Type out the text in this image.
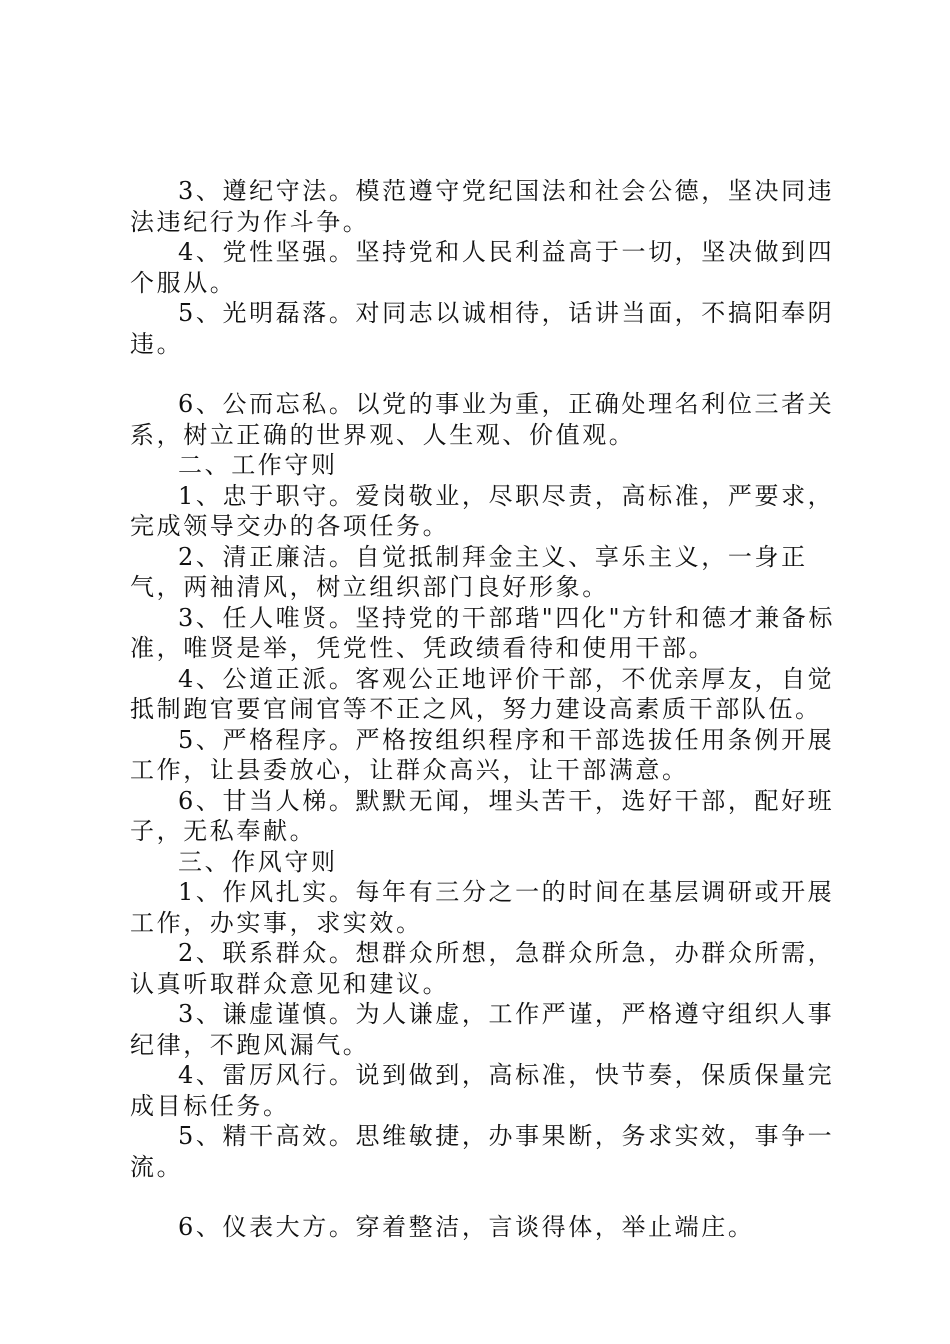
3、遵纪守法。模范遵守党纪国法和社会公德，坚决同违法违纪行为作斗争。

4、党性坚强。坚持党和人民利益高于一切，坚决做到四个服从。

5、光明磊落。对同志以诚相待，话讲当面，不搞阳奉阴违。

6、公而忘私。以党的事业为重，正确处理名利位三者关系，树立正确的世界观、人生观、价值观。

二、工作守则

1、忠于职守。爱岗敬业，尽职尽责，高标准，严要求，完成领导交办的各项任务。

2、清正廉洁。自觉抵制拜金主义、享乐主义，一身正气，两袖清风，树立组织部门良好形象。

3、任人唯贤。坚持党的干部瑎"四化"方针和德才兼备标准，唯贤是举，凭党性、凭政绩看待和使用干部。

4、公道正派。客观公正地评价干部，不优亲厚友，自觉抵制跑官要官闹官等不正之风，努力建设高素质干部队伍。

5、严格程序。严格按组织程序和干部选拔任用条例开展工作，让县委放心，让群众高兴，让干部满意。

6、甘当人梯。默默无闻，埋头苦干，选好干部，配好班子，无私奉献。

三、作风守则

1、作风扎实。每年有三分之一的时间在基层调研或开展工作，办实事，求实效。

2、联系群众。想群众所想，急群众所急，办群众所需，认真听取群众意见和建议。

3、谦虚谨慎。为人谦虚，工作严谨，严格遵守组织人事纪律，不跑风漏气。

4、雷厉风行。说到做到，高标准，快节奏，保质保量完成目标任务。

5、精干高效。思维敏捷，办事果断，务求实效，事争一流。

6、仪表大方。穿着整洁，言谈得体，举止端庄。
